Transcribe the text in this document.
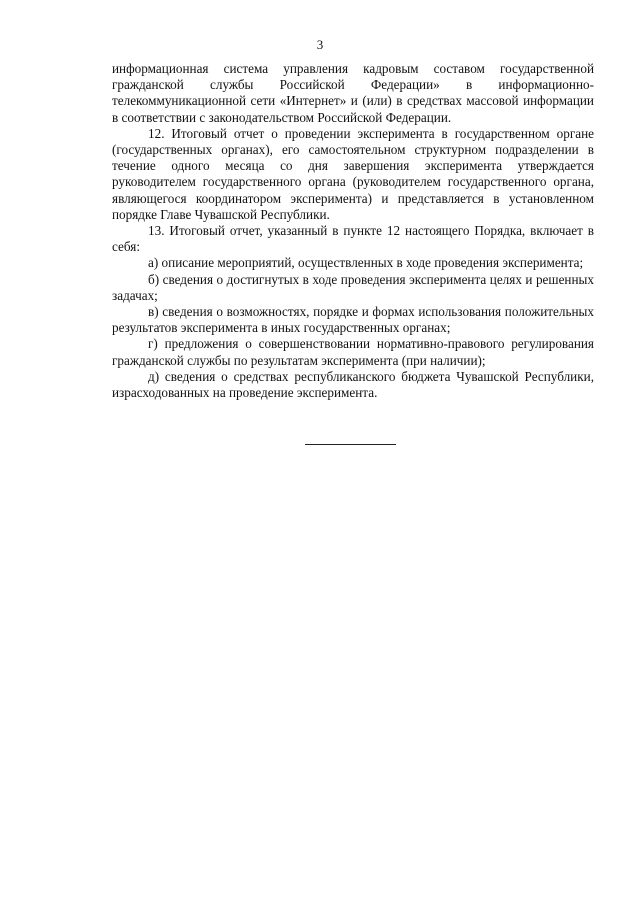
3

информационная система управления кадровым составом государственной гражданской службы Российской Федерации» в информационно-телекоммуникационной сети «Интернет» и (или) в средствах массовой информации в соответствии с законодательством Российской Федерации.

12. Итоговый отчет о проведении эксперимента в государственном органе (государственных органах), его самостоятельном структурном подразделении в течение одного месяца со дня завершения эксперимента утверждается руководителем государственного органа (руководителем государственного органа, являющегося координатором эксперимента) и представляется в установленном порядке Главе Чувашской Республики.

13. Итоговый отчет, указанный в пункте 12 настоящего Порядка, включает в себя:

а) описание мероприятий, осуществленных в ходе проведения эксперимента;

б) сведения о достигнутых в ходе проведения эксперимента целях и решенных задачах;

в) сведения о возможностях, порядке и формах использования положительных результатов эксперимента в иных государственных органах;

г) предложения о совершенствовании нормативно-правового регулирования гражданской службы по результатам эксперимента (при наличии);

д) сведения о средствах республиканского бюджета Чувашской Республики, израсходованных на проведение эксперимента.
